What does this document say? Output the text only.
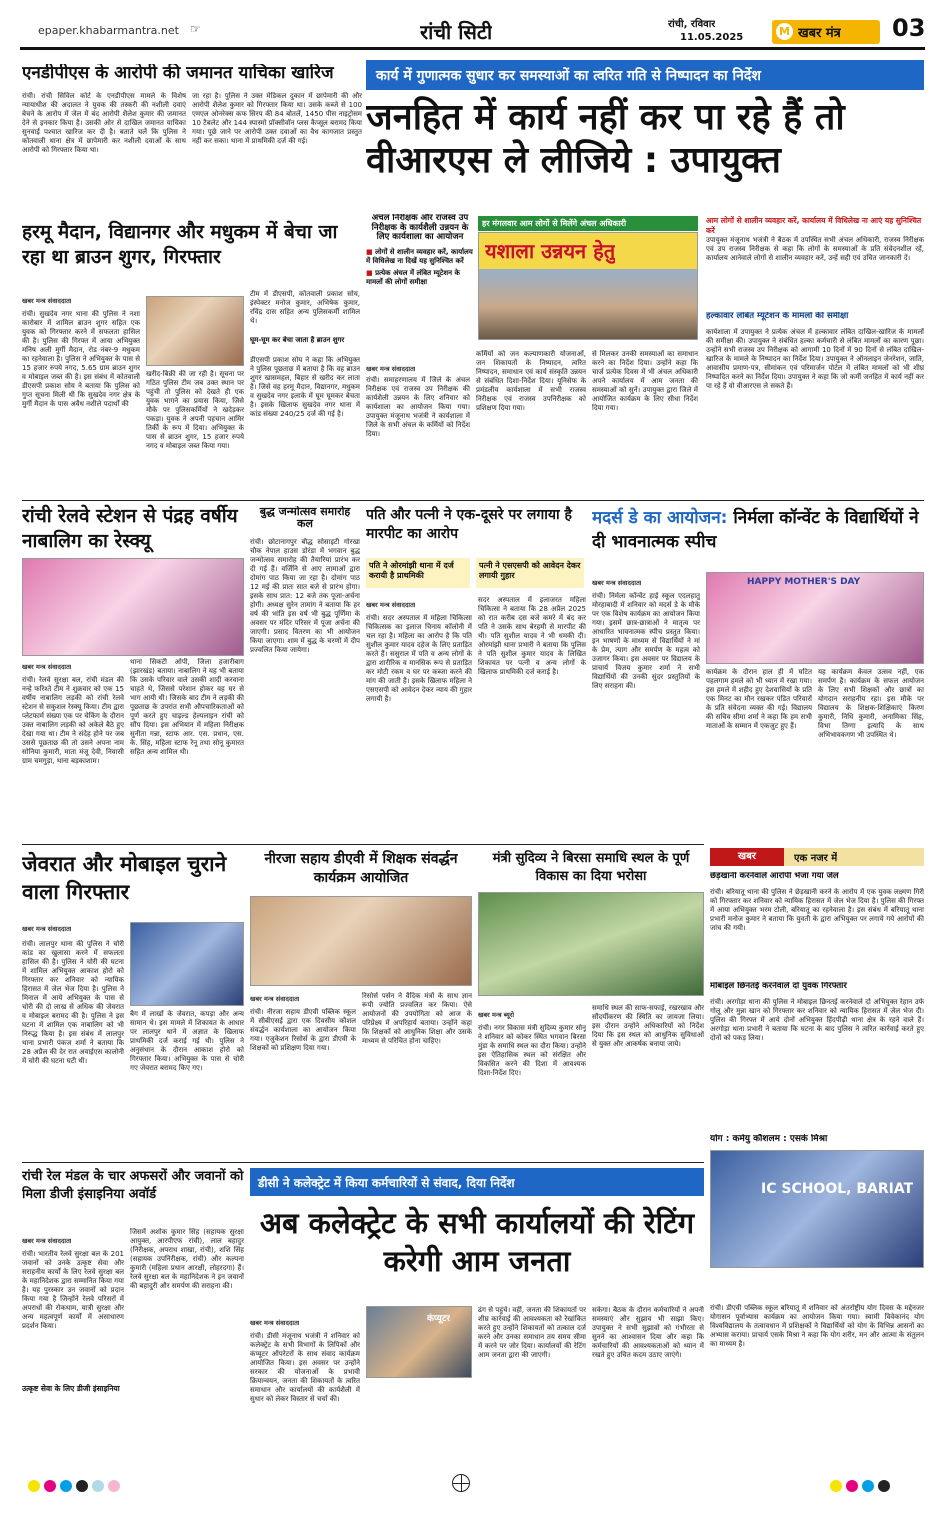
epaper.khabarmantra.net ☞	रांची सिटी	रांची, रविवार
11.05.2025	M खबर मंत्र 03
एनडीपीएस के आरोपी की जमानत याचिका खारिज
रांची। रांची सिविल कोर्ट के एनडीपीएस मामले के विशेष न्यायाधीश की अदालत ने युवक की तस्करी की नशीली दवाएं बेचने के आरोप में जेल में बंद आरोपी शैलेश कुमार की जमानत देने से इनकार किया है। उसकी ओर से दाखिल जमानत याचिका सुनवाई पश्चात खारिज कर दी है। बताते चलें कि पुलिस ने कोतवाली थाना क्षेत्र में छापेमारी कर नशीली दवाओं के साथ आरोपी को गिरफ्तार किया था।
जा रहा है। पुलिस ने उक्त मेडिकल दुकान में छापेमारी की और आरोपी शैलेश कुमार को गिरफ्तार किया था। उसके कब्जे से 100 एमएल ओनरेक्स कफ सिरप की 84 बोतलें, 1450 पीस नाइट्रोसम 10 टैबलेट और 144 स्पास्मो प्रॉक्सीवॉन प्लस कैप्सूल बरामद किया गया। पूछे जाने पर आरोपी उक्त दवाओं का वैध कागजात प्रस्तुत नहीं कर सका। थाना में प्राथमिकी दर्ज की गई।
कार्य में गुणात्मक सुधार कर समस्याओं का त्वरित गति से निष्पादन का निर्देश
जनहित में कार्य नहीं कर पा रहे हैं तो वीआरएस ले लीजिये : उपायुक्त
अंचल निरीक्षक और राजस्व उप निरीक्षक के कार्यशैली उन्नयन के लिए कार्यशाला का आयोजन
■ लोगों से शालीन व्यवहार करें, कार्यालय में विधिलेख ना दिखें यह सुनिश्चित करें
■ प्रत्येक अंचल में लंबित म्यूटेशन के मामलों की लोगों समीक्षा
हर मंगलवार आम लोगों से मिलेंगे अंचल अधिकारी
यशाला उन्नयन हेतु
खबर मन्त्र संवाददाता
रांची। समाहरणालय में जिले के अंचल निरीक्षक एवं राजस्व उप निरीक्षक की कार्यशैली उन्नयन के लिए शनिवार को कार्यशाला का आयोजन किया गया। उपायुक्त मंजूनाथ भजंत्री ने कार्यशाला में जिले के सभी अंचल के कर्मियों को निर्देश दिया।
कर्मियों को जन कल्याणकारी योजनाओं, जन शिकायतों के निष्पादन, त्वरित निष्पादन, समाधान एवं कार्य संस्कृति उन्नयन से संबंधित दिशा-निर्देश दिया। यूनिसेफ के प्रमंडलीय कार्यशाला में सभी राजस्व निरीक्षक एवं राजस्व उपनिरीक्षक को प्रशिक्षण दिया गया।
से मिलकर उनकी समस्याओं का समाधान करने का निर्देश दिया। उन्होंने कहा कि चार्ज प्रत्येक दिवस में भी अंचल अधिकारी अपने कार्यालय में आम जनता की समस्याओं को सुनें। उपायुक्त द्वारा जिले में आयोजित कार्यक्रम के लिए सीधा निर्देश दिया गया।
आम लोगों से शालीन व्यवहार करें, कार्यालय में विधिलेख ना आएं यह सुनिश्चित करें
उपायुक्त मंजूनाथ भजंत्री ने बैठक में उपस्थित सभी अंचल अधिकारी, राजस्व निरीक्षक एवं उप राजस्व निरीक्षक से कहा कि लोगों के समस्याओं के प्रति संवेदनशील रहें, कार्यालय आनेवाले लोगों से शालीन व्यवहार करें, उन्हें सही एवं उचित जानकारी दें।
हल्कावार लंबित म्यूटेशन के मामलों की समीक्षा
कार्यशाला में उपायुक्त ने प्रत्येक अंचल में हल्कावार लंबित दाखिल-खारिज के मामलों की समीक्षा की। उपायुक्त ने संबंधित हल्का कर्मचारी से लंबित मामलों का कारण पूछा। उन्होंने सभी राजस्व उप निरीक्षक को आगामी 10 दिनों में 90 दिनों से लंबित दाखिल-खारिज के मामले के निष्पादन का निर्देश दिया। उपायुक्त ने ऑनलाइन जेनरेशन, जाति, आवासीय प्रमाण-पत्र, सीमांकन एवं परिमार्जन पोर्टल में लंबित मामलों को भी शीघ्र निष्पादित करने का निर्देश दिया। उपायुक्त ने कहा कि जो कर्मी जनहित में कार्य नहीं कर पा रहे हैं वो वीआरएस ले सकते हैं।
हरमू मैदान, विद्यानगर और मधुकम में बेचा जा रहा था ब्राउन शुगर, गिरफ्तार
खबर मन्त्र संवाददाता
रांची। सुखदेव नगर थाना की पुलिस ने नशा कारोबार में शामिल ब्राउन शुगर सहित एक युवक को गिरफ्तार करने में सफलता हासिल की है। पुलिस की गिरफ्त में आया अभियुक्त मनिष अली मुर्गी मैदान, रोड नंबर-9 मधुकम का रहनेवाला है। पुलिस ने अभियुक्त के पास से 15 हजार रुपये नगद, 5.65 ग्राम ब्राउन शुगर व मोबाइल जब्त की है। इस संबंध में कोतवाली डीएसपी प्रकाश सोय ने बताया कि पुलिस को गुप्त सूचना मिली थी कि सुखदेव नगर क्षेत्र के मुर्गी मैदान के पास अवैध नशीले पदार्थों की
खरीद-बिक्री की जा रही है। सूचना पर गठित पुलिस टीम जब उक्त स्थान पर पहुंची तो पुलिस को देखते ही एक युवक भागने का प्रयास किया, जिसे मौके पर पुलिसकर्मियों ने खदेड़कर पकड़ा। युवक ने अपनी पहचान आमिर तिर्की के रूप में दिया। अभियुक्त के पास से ब्राउन शुगर, 15 हजार रुपये नगद व मोबाइल जब्त किया गया।
टीम में डीएसपी, कोतवाली प्रकाश सोय, इंस्पेक्टर मनोज कुमार, अभिषेक कुमार, रविंद्र दास सहित अन्य पुलिसकर्मी शामिल थे।
घूम-घूम कर बेचा जाता है ब्राउन शुगर
डीएसपी प्रकाश सोय ने कहा कि अभियुक्त ने पुलिस पूछताछ में बताया है कि वह ब्राउन शुगर खासमहल, बिहार से खरीद कर लाता है। जिसे वह हरमू मैदान, विद्यानगर, मधुकम व सुखदेव नगर इलाके में घूम घूमकर बेचता है। इसके खिलाफ सुखदेव नगर थाना में कांड संख्या 240/25 दर्ज की गई है।
रांची रेलवे स्टेशन से पंद्रह वर्षीय नाबालिग का रेस्क्यू
खबर मन्त्र संवाददाता
रांची। रेलवे सुरक्षा बल, रांची मंडल की नन्हे फरिश्ते टीम ने शुक्रवार को एक 15 वर्षीय नाबालिग लड़की को रांची रेलवे स्टेशन से सकुशल रेस्क्यू किया। टीम द्वारा प्लेटफार्म संख्या एक पर चेकिंग के दौरान उक्त नाबालिग लड़की को अकेले बैठे हुए देखा गया था। टीम ने संदेह होने पर जब उससे पूछताछ की तो उसने अपना नाम सोनिया कुमारी, माता मंजू देवी, निवासी ग्राम चमगुड़ा, थाना बड़काशाम।
थाना सिकटी ओपी, जिला हजारीबाग (झारखंड) बताया। नाबालिग ने यह भी बताया कि उसके परिवार वाले उसकी शादी करवाना चाहते थे, जिससे परेशान होकर वह घर से भाग आयी थी। जिसके बाद टीम ने लड़की की पूछताछ के उपरांत सभी औपचारिकताओं को पूर्ण करते हुए चाइल्ड हेल्पलाइन रांची को सौंप दिया। इस अभियान में महिला निरीक्षक सुनीता गन्ना, स्टाफ आर. एस. प्रधान, एस. के. सिंह, महिला स्टाफ रेनू तथा सोनू कुमारत सहित अन्य शामिल थी।
बुद्ध जन्मोत्सव समारोह कल
रांची। छोटानागपुर बौद्ध सोसाइटी गोरखा चौक नेपाल हाउस डोरंडा में भगवान बुद्ध जन्मोत्सव समारोह की तैयारियां प्रारंभ कर दी गई हैं। वर्जिनि से आए लामाओं द्वारा दोमांग पाठ किया जा रहा है। दोमांग पाठ 12 मई की प्रातः सात बजे से प्रारंभ होगा। इसके साथ प्रात: 12 बजे तक पूजा-अर्चना होगी। अध्यक्ष सुरेन तामांग ने बताया कि हर वर्ष की भांति इस वर्ष भी बुद्ध पूर्णिमा के अवसर पर मंदिर परिसर में पूजा अर्चना की जाएगी। प्रसाद वितरण का भी आयोजन किया जाएगा। शाम में बुद्ध के चरणों में दीप प्रज्वलित किया जायेगा।
पति और पत्नी ने एक-दूसरे पर लगाया है मारपीट का आरोप
पति ने ओरमांझी थाना में दर्ज करायी है प्राथमिकी
पत्नी ने एसएसपी को आवेदन देकर लगायी गुहार
खबर मन्त्र संवाददाता
रांची। सदर अस्पताल में महिला चिकित्सा चिकित्सक का इलाज चिनाय कॉलोनी में चल रहा है। महिला का आरोप है कि पति सुशील कुमार यादव दहेज के लिए प्रताड़ित करते हैं। ससुराल में पति व अन्य लोगों के द्वारा शारीरिक व मानसिक रूप से प्रताड़ित कर मोटी रकम व घर पर कब्जा करने की मांग की जाती है। इसके खिलाफ महिला ने एसएसपी को आवेदन देकर न्याय की गुहार लगायी है।
सदर अस्पताल में इलाजरत महिला चिकित्सा ने बताया कि 28 अप्रैल 2025 को रात करीब दस बजे कमरे में बंद कर पति ने उसके साथ बेरहमी से मारपीट की थी। पति सुशील यादव ने भी धमकी दी। ओरमांझी थाना प्रभारी ने बताया कि पुलिस ने पति सुशील कुमार यादव के लिखित शिकायत पर पत्नी व अन्य लोगों के खिलाफ प्राथमिकी दर्ज कराई है।
मदर्स डे का आयोजन: निर्मला कॉन्वेंट के विद्यार्थियों ने दी भावनात्मक स्पीच
खबर मन्त्र संवाददाता
रांची। निर्मला कॉन्वेंट हाई स्कूल एदलहातु मोरहाबादी में शनिवार को मदर्स डे के मौके पर एक विशेष कार्यक्रम का आयोजन किया गया। इसमें छात्र-छात्राओं ने मातृत्व पर आधारित भावनात्मक स्पीच प्रस्तुत किया। इन भाषणों के माध्यम से विद्यार्थियों ने मां के प्रेम, त्याग और समर्पण के महत्व को उजागर किया। इस अवसर पर विद्यालय के प्राचार्य विजय कुमार शर्मा ने सभी विद्यार्थियों की उनकी सुंदर प्रस्तुतियों के लिए सराहना की।
HAPPY MOTHER'S DAY
कार्यक्रम के दौरान हाल ही में घटित पहलगाम हमले को भी ध्यान में रखा गया। इस हमले में शहीद हुए देशवासियों के प्रति एक मिनट का मौन रखकर पंडित परिवारों के प्रति संवेदना व्यक्त की गई। विद्यालय की सचिव सीमा शर्मा ने कहा कि हम सभी माताओं के सम्मान में एकजुट हुए हैं।
यह कार्यक्रम केवल उत्सव नहीं, एक समर्पण है। कार्यक्रम के सफल आयोजन के लिए सभी शिक्षकों और छात्रों का योगदान सराहनीय रहा। इस मौके पर विद्यालय के शिक्षक-शिक्षिकाएं किरण कुमारी, निधि कुमारी, अनामिका सिंह, विभा तिग्गा इत्यादि के साथ अभिभावकगण भी उपस्थित थे।
जेवरात और मोबाइल चुराने वाला गिरफ्तार
खबर मन्त्र संवाददाता
रांची। लालपुर थाना की पुलिस ने चोरी कांड का खुलासा करने में सफलता हासिल की है। पुलिस ने चोरी की घटना में शामिल अभियुक्त आकाश होरो को गिरफ्तार कर शनिवार को न्यायिक हिरासत में जेल भेज दिया है। पुलिस ने मिनाल में आये अभियुक्त के पास से चोरी की दो लाख से अधिक की जेवरात व मोबाइल बरामद की है। पुलिस ने इस घटना में शामिल एक नाबालिग को भी निरुद्ध किया है। इस संबंध में लालपुर थाना प्रभारी पंकज शर्मा ने बताया कि 28 अप्रैल की देर रात अवाईएस कालोनी में चोरी की घटना घटी थी।
बैग में लाखों के जेवरात, कपड़ा और अन्य सामान थे। इस मामले में शिकायत के आधार पर लालपुर थाने में अज्ञात के खिलाफ प्राथमिकी दर्ज कराई गई थी। पुलिस ने अनुसंधान के दौरान आकाश होरो को गिरफ्तार किया। अभियुक्त के पास से चोरी गए जेवरात बरामद किए गए।
नीरजा सहाय डीएवी में शिक्षक संवर्द्धन कार्यक्रम आयोजित
खबर मन्त्र संवाददाता
रांची। नीरजा सहाय डीएवी पब्लिक स्कूल में सीबीएसई द्वारा एक दिवसीय कौशल संवर्द्धन कार्यशाला का आयोजन किया गया। एजुकेशन रिसोर्स के द्वारा डीएवी के शिक्षकों को प्रशिक्षण दिया गया।
रिसोर्स पर्सन ने वैदिक मंत्रों के साथ ज्ञान रूपी ज्योति प्रज्वलित कर किया। ऐसे आयोजनों की उपयोगिता को आज के परिप्रेक्ष्य में अपरिहार्य बताया। उन्होंने कहा कि शिक्षकों को आधुनिक शिक्षा और उसके माध्यम से परिचित होना चाहिए।
मंत्री सुदिव्य ने बिरसा समाधि स्थल के पूर्ण विकास का दिया भरोसा
खबर मन्त्र ब्यूरो
रांची। नगर विकास मंत्री सुदिव्य कुमार सोनू ने शनिवार को कोकर स्थित भगवान बिरसा मुंडा के समाधि स्थल का दौरा किया। उन्होंने इस ऐतिहासिक स्थल को संरक्षित और विकसित करने की दिशा में आवश्यक दिशा-निर्देश दिए।
समाधि स्थल की साफ-सफाई, रखरखाव और सौंदर्यीकरण की स्थिति का जायजा लिया। इस दौरान उन्होंने अधिकारियों को निर्देश दिया कि इस स्थल को आधुनिक सुविधाओं से युक्त और आकर्षक बनाया जाये।
खबर	एक नजर में
छेड़खानी करनेवाले आरोपी भेजा गया जेल
रांची। बरियातू थाना की पुलिस ने छेड़खानी करने के आरोप में एक युवक लक्ष्मण गिरी को गिरफ्तार कर शनिवार को न्यायिक हिरासत में जेल भेज दिया है। पुलिस की गिरफ्त में आया अभियुक्त भरम टोली, बरियातू का रहनेवाला है। इस संबंध में बरियातू थाना प्रभारी मनोज कुमार ने बताया कि युवती के द्वारा अभियुक्त पर लगाये गये आरोपों की जांच की गयी।
मोबाइल छिनतई करनेवाले दो युवक गिरफ्तार
रांची। अरगोड़ा थाना की पुलिस ने मोबाइल छिनतई करनेवाले दो अभियुक्त रेहान उर्फ गोलू और मुन्ना खान को गिरफ्तार कर शनिवार को न्यायिक हिरासत में जेल भेज दी। पुलिस की गिरफ्त में आये दोनों अभियुक्त हिंदपीढ़ी थाना क्षेत्र के रहने वाले हैं। अरगोड़ा थाना प्रभारी ने बताया कि घटना के बाद पुलिस ने त्वरित कार्रवाई करते हुए दोनों को पकड़ लिया।
योग : कर्मयु कौशलम : एसके मिश्रा
IC SCHOOL, BARIAT
रांची। डीएवी पब्लिक स्कूल बरियातू में शनिवार को अंतर्राष्ट्रीय योग दिवस के मद्देनजर योगासन पूर्वाभ्यास कार्यक्रम का आयोजन किया गया। स्वामी विवेकानंद योग विश्वविद्यालय के तत्वावधान में प्रशिक्षकों ने विद्यार्थियों को योग के विभिन्न आसनों का अभ्यास कराया। प्राचार्य एसके मिश्रा ने कहा कि योग शरीर, मन और आत्मा के संतुलन का माध्यम है।
रांची रेल मंडल के चार अफसरों और जवानों को मिला डीजी इंसाइनिया अवॉर्ड
खबर मन्त्र संवाददाता
रांची। भारतीय रेलवे सुरक्षा बल के 201 जवानों को उनके उत्कृष्ट सेवा और सराहनीय कार्यों के लिए रेलवे सुरक्षा बल के महानिदेशक द्वारा सम्मानित किया गया है। यह पुरस्कार उन जवानों को प्रदान किया गया है जिन्होंने रेलवे परिसरों में अपराधों की रोकथाम, यात्री सुरक्षा और अन्य महत्वपूर्ण कार्यों में असाधारण प्रदर्शन किया।
उत्कृष्ट सेवा के लिए डीजी इंसाइनिया
जिसमें अशोक कुमार सिंह (सहायक सुरक्षा आयुक्त, आरपीएफ रांची), लाल बहादुर (निरीक्षक, अपराध शाखा, रांची), शशि सिंह (सहायक उपनिरीक्षक, रांची) और कल्पना कुमारी (महिला प्रधान आरक्षी, लोहरदगा) हैं। रेलवे सुरक्षा बल के महानिदेशक ने इन जवानों की बहादुरी और समर्पण की सराहना की।
डीसी ने कलेक्ट्रेट में किया कर्मचारियों से संवाद, दिया निर्देश
अब कलेक्ट्रेट के सभी कार्यालयों की रेटिंग करेगी आम जनता
खबर मन्त्र संवाददाता
रांची। डीसी मंजूनाथ भजंत्री ने शनिवार को कलेक्ट्रेट के सभी विभागों के लिपिकों और कंप्यूटर ऑपरेटरों के साथ संवाद कार्यक्रम आयोजित किया। इस अवसर पर उन्होंने सरकार की योजनाओं के प्रभावी क्रियान्वयन, जनता की शिकायतों के त्वरित समाधान और कार्यालयों की कार्यशैली में सुधार को लेकर विस्तार से चर्चा की।
कंप्यूटर
ढंग से पहुंचे। वहीं, जनता की शिकायतों पर शीघ्र कार्रवाई की आवश्यकता को रेखांकित करते हुए उन्होंने शिकायतों को तत्काल दर्ज करने और उनका समाधान तय समय सीमा में करने पर जोर दिया। कार्यालयों की रेटिंग आम जनता द्वारा की जाएगी।
सकेगा। बैठक के दौरान कर्मचारियों ने अपनी समस्याएं और सुझाव भी साझा किए। उपायुक्त ने सभी सुझावों को गंभीरता से सुनने का आश्वासन दिया और कहा कि कर्मचारियों की आवश्यकताओं को ध्यान में रखते हुए उचित कदम उठाए जाएंगे।
